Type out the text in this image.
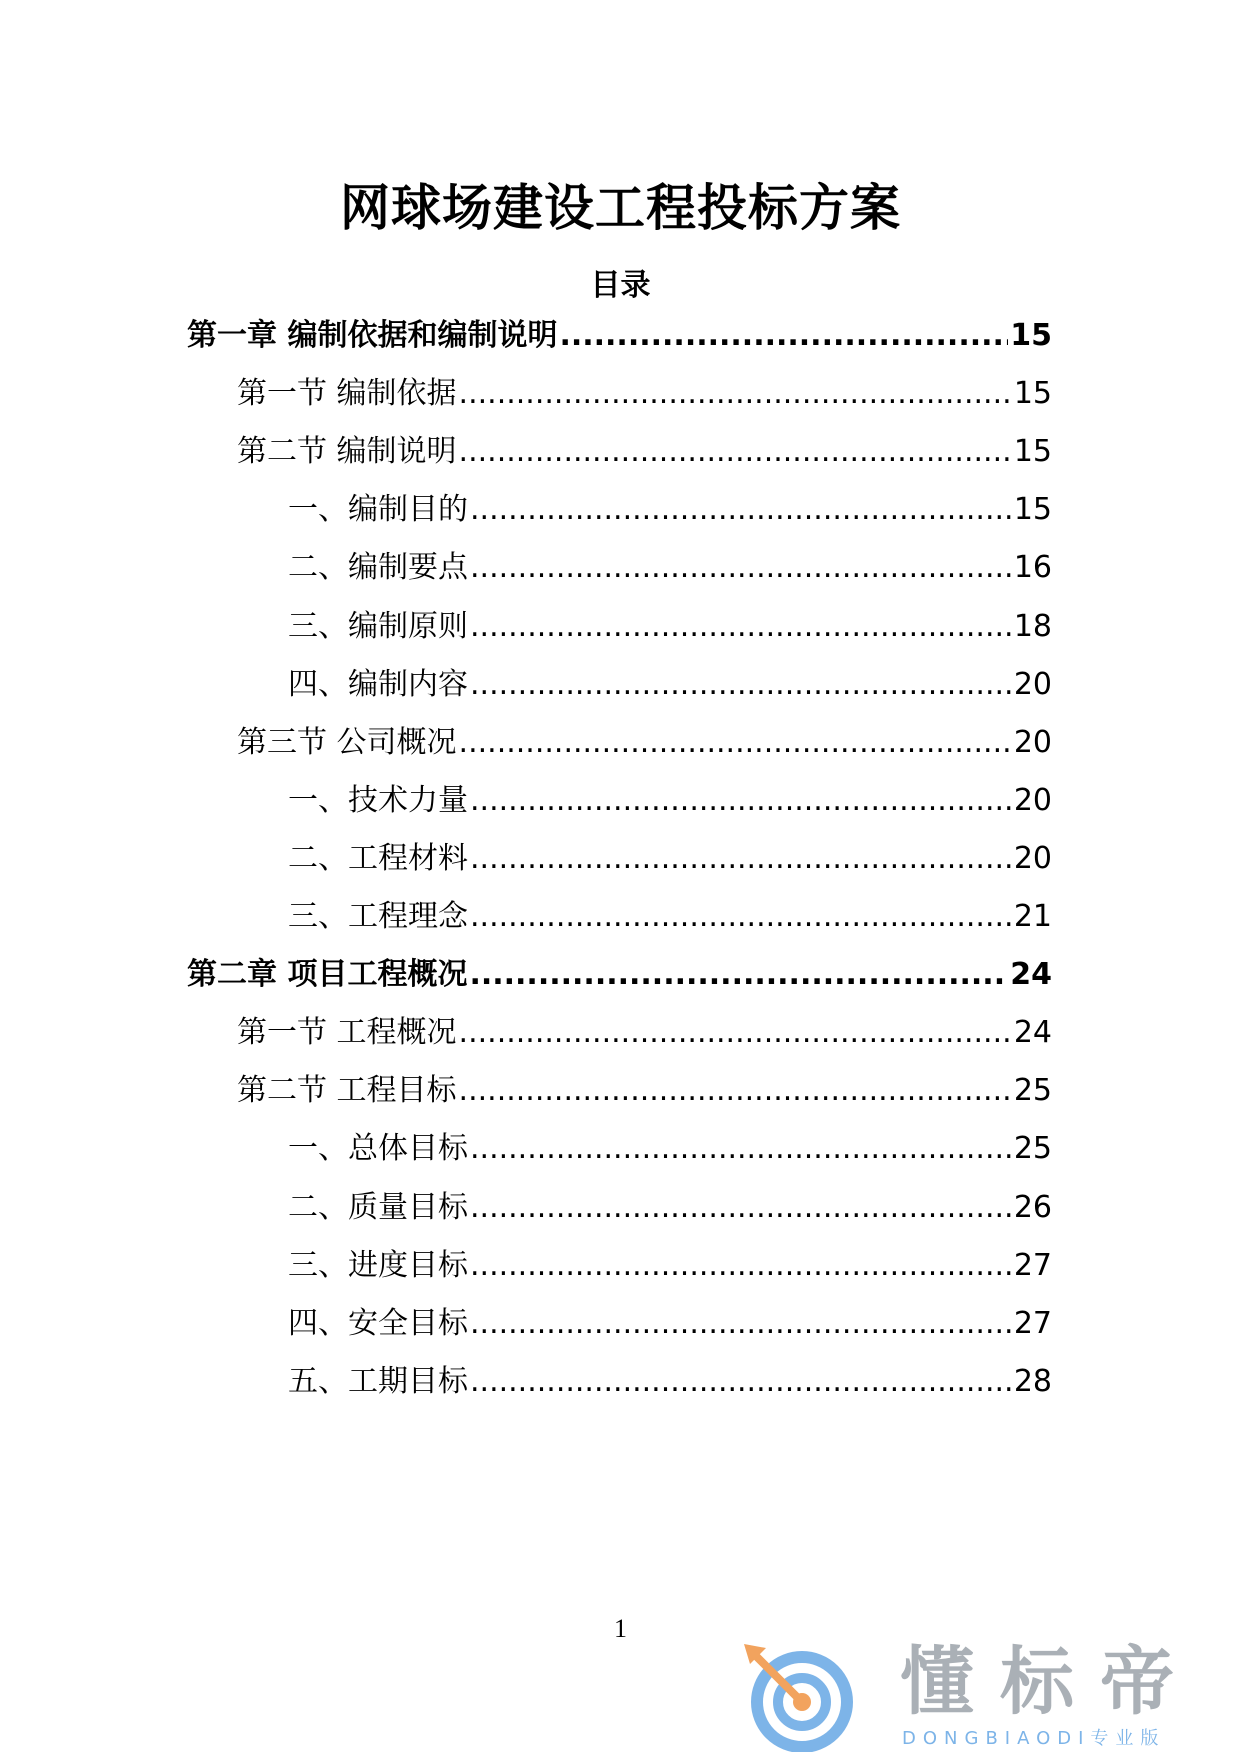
网球场建设工程投标方案
目录
第一章 编制依据和编制说明 .....	15
第一节 编制依据 .....	15
第二节 编制说明 .....	15
一、编制目的 .....	15
二、编制要点 .....	16
三、编制原则 .....	18
四、编制内容 .....	20
第三节 公司概况 .....	20
一、技术力量 .....	20
二、工程材料 .....	20
三、工程理念 .....	21
第二章 项目工程概况 .....	24
第一节 工程概况 .....	24
第二节 工程目标 .....	25
一、总体目标 .....	25
二、质量目标 .....	26
三、进度目标 .....	27
四、安全目标 .....	27
五、工期目标 .....	28
1
懂标帝
DONGBIAODI专业版
